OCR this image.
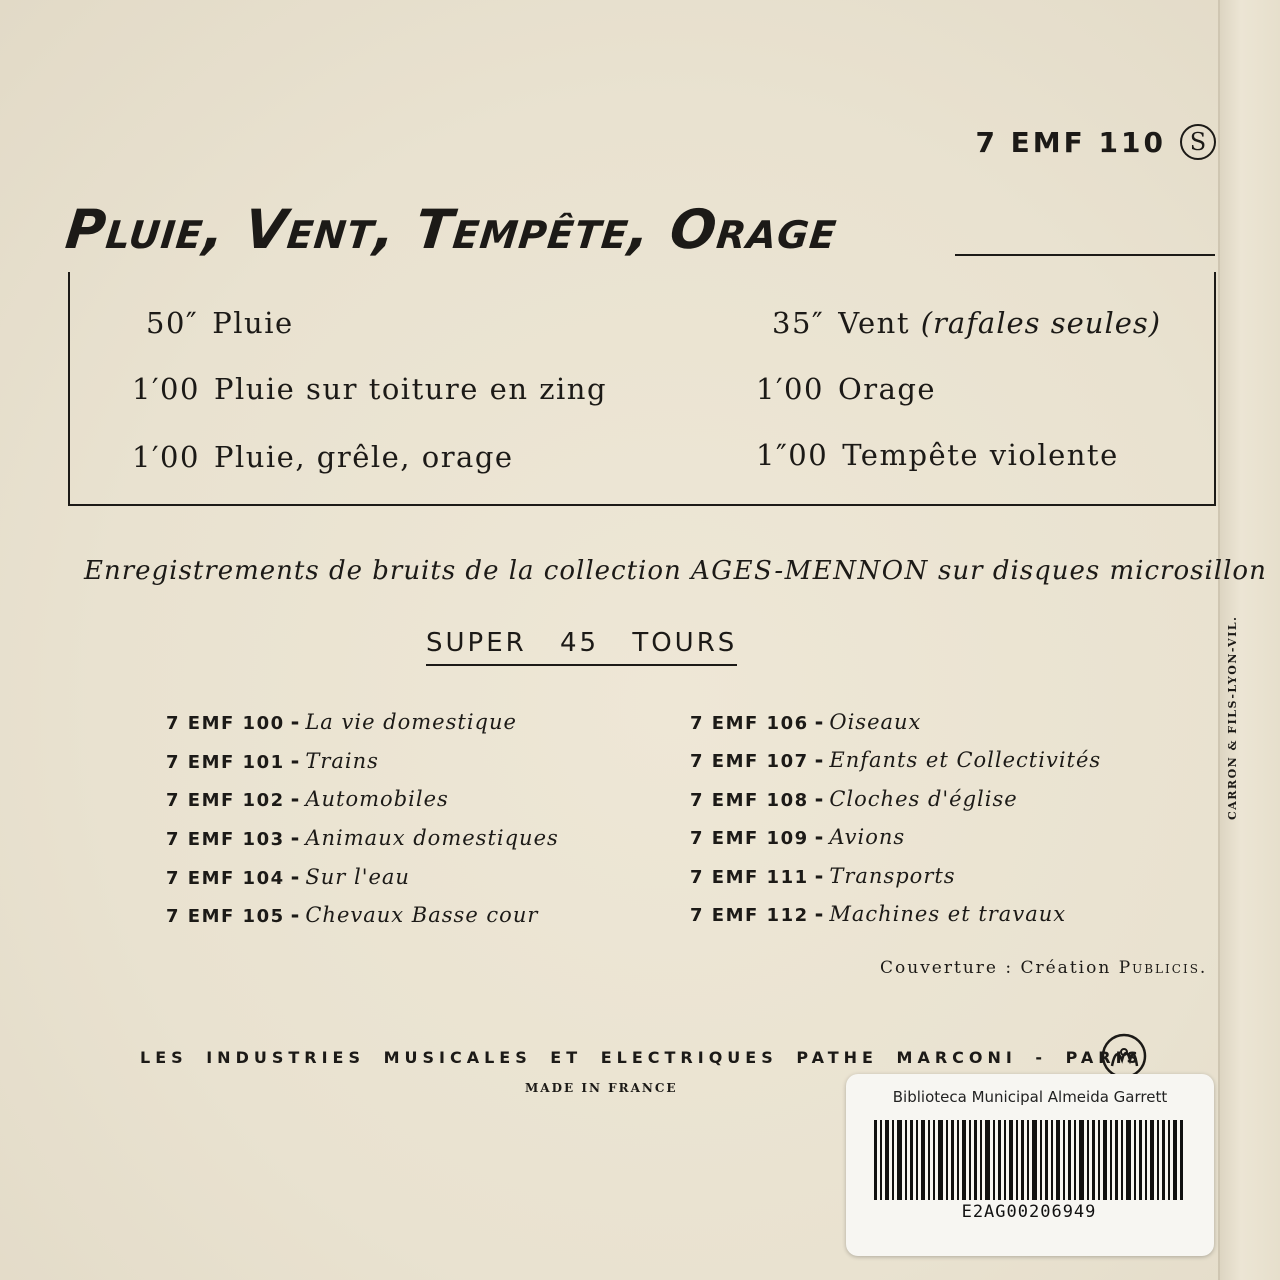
7 EMF 110 S
Pluie, Vent, Tempête, Orage
50″ Pluie
1′00 Pluie sur toiture en zing
1′00 Pluie, grêle, orage
35″ Vent (rafales seules)
1′00 Orage
1″00 Tempête violente
Enregistrements de bruits de la collection AGES-MENNON sur disques microsillon
SUPER 45 TOURS
7 EMF 100 - La vie domestique
7 EMF 101 - Trains
7 EMF 102 - Automobiles
7 EMF 103 - Animaux domestiques
7 EMF 104 - Sur l'eau
7 EMF 105 - Chevaux Basse cour
7 EMF 106 - Oiseaux
7 EMF 107 - Enfants et Collectivités
7 EMF 108 - Cloches d'église
7 EMF 109 - Avions
7 EMF 111 - Transports
7 EMF 112 - Machines et travaux
Couverture : Création Publicis.
LES INDUSTRIES MUSICALES ET ELECTRIQUES PATHE MARCONI - PARIS
MADE IN FRANCE
CARRON & FILS-LYON-VIL.
Biblioteca Municipal Almeida Garrett
E2AG00206949
